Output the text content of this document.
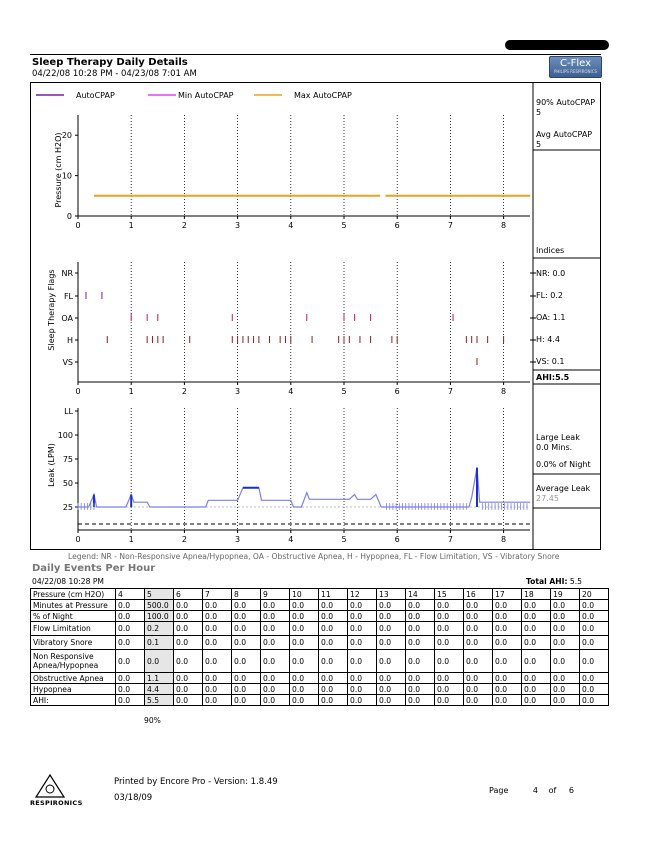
Sleep Therapy Daily Details
04/22/08 10:28 PM - 04/23/08 7:01 AM
C-Flex
PHILIPS RESPIRONICS
AutoCPAP	Min AutoCPAP	Max AutoCPAP
0
10
20
0	1	2	3	4	5	6	7	8
Pressure (cm H2O)
NR
FL
OA
H
VS
0	1	2	3	4	5	6	7	8
Sleep Therapy Flags
25
50
75
100
LL
0	1	2	3	4	5	6	7	8
Leak (LPM)
90% AutoCPAP
5
Avg AutoCPAP
5
Indices
NR: 0.0
FL: 0.2
OA: 1.1
H: 4.4
VS: 0.1
AHI:5.5
Large Leak
0.0 Mins.
0.0% of Night
Average Leak
27.45
Legend: NR - Non-Responsive Apnea/Hypopnea, OA - Obstructive Apnea, H - Hypopnea, FL - Flow Limitation, VS - Vibratory Snore
Daily Events Per Hour
04/22/08 10:28 PM	Total AHI: 5.5
Pressure (cm H2O)	4	5	6	7	8	9	10	11	12	13	14	15	16	17	18	19	20
Minutes at Pressure	0.0	500.0	0.0	0.0	0.0	0.0	0.0	0.0	0.0	0.0	0.0	0.0	0.0	0.0	0.0	0.0	0.0
% of Night	0.0	100.0	0.0	0.0	0.0	0.0	0.0	0.0	0.0	0.0	0.0	0.0	0.0	0.0	0.0	0.0	0.0
Flow Limitation	0.0	0.2	0.0	0.0	0.0	0.0	0.0	0.0	0.0	0.0	0.0	0.0	0.0	0.0	0.0	0.0	0.0
Vibratory Snore	0.0	0.1	0.0	0.0	0.0	0.0	0.0	0.0	0.0	0.0	0.0	0.0	0.0	0.0	0.0	0.0	0.0
Non Responsive Apnea/Hypopnea	0.0	0.0	0.0	0.0	0.0	0.0	0.0	0.0	0.0	0.0	0.0	0.0	0.0	0.0	0.0	0.0	0.0
Obstructive Apnea	0.0	1.1	0.0	0.0	0.0	0.0	0.0	0.0	0.0	0.0	0.0	0.0	0.0	0.0	0.0	0.0	0.0
Hypopnea	0.0	4.4	0.0	0.0	0.0	0.0	0.0	0.0	0.0	0.0	0.0	0.0	0.0	0.0	0.0	0.0	0.0
AHI:	0.0	5.5	0.0	0.0	0.0	0.0	0.0	0.0	0.0	0.0	0.0	0.0	0.0	0.0	0.0	0.0	0.0
90%
RESPIRONICS
Printed by Encore Pro - Version: 1.8.49
03/18/09
Page	4 of 6
